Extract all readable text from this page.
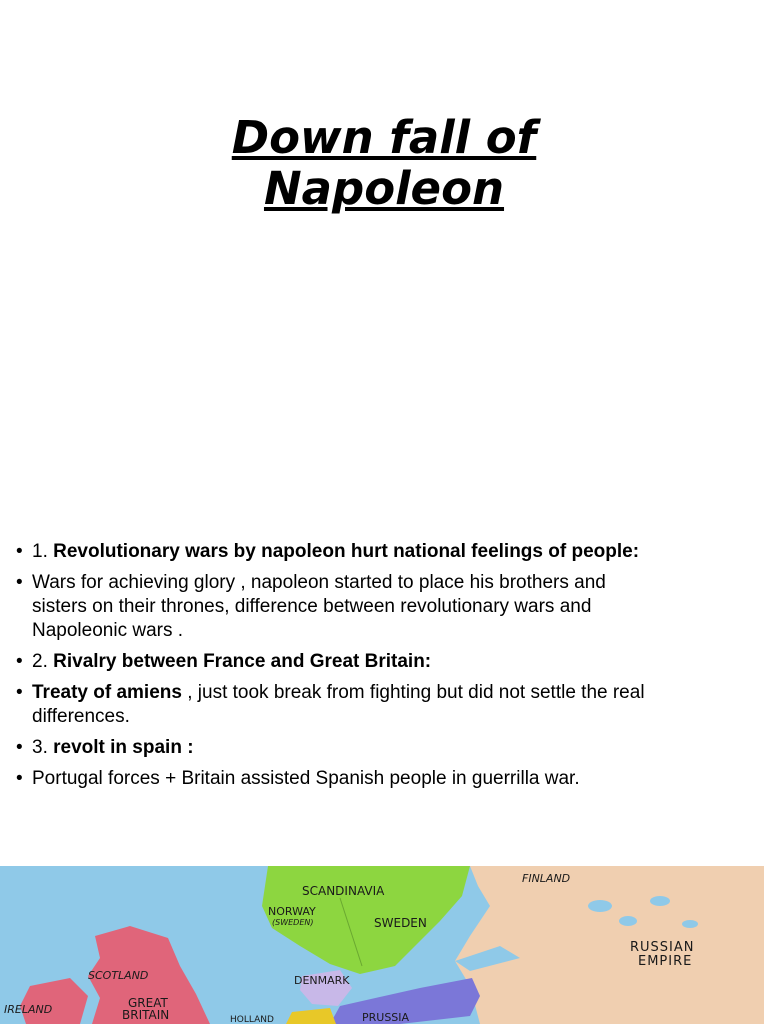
Down fall of
Napoleon
• 1. Revolutionary wars by napoleon hurt national feelings of people:
• Wars for achieving glory , napoleon started to place his brothers and sisters on their thrones, difference between revolutionary wars and Napoleonic wars .
• 2. Rivalry between France and Great Britain:
• Treaty of amiens , just took break from fighting but did not settle the real differences.
• 3. revolt in spain :
• Portugal forces + Britain assisted Spanish people in guerrilla war.
FINLAND
SCANDINAVIA
NORWAY
(SWEDEN)	SWEDEN
RUSSIAN
EMPIRE
SCOTLAND	DENMARK
IRELAND	GREAT
BRITAIN	HOLLAND	PRUSSIA
